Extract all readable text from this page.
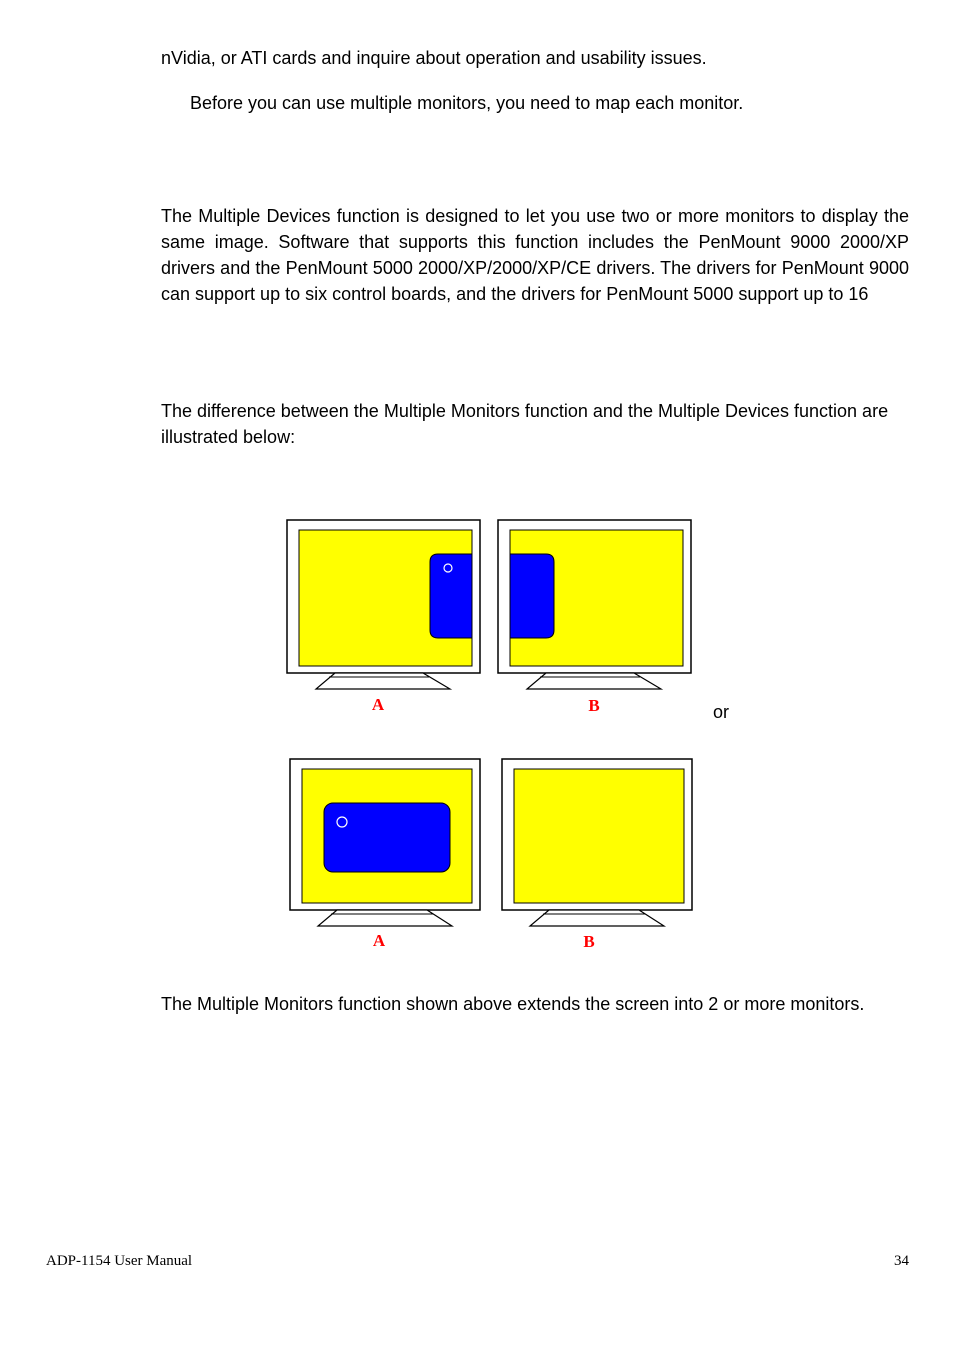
nVidia, or ATI cards and inquire about operation and usability issues.

Before you can use multiple monitors, you need to map each monitor.

The Multiple Devices function is designed to let you use two or more monitors to display the same image. Software that supports this function includes the PenMount 9000 2000/XP drivers and the PenMount 5000 2000/XP/2000/XP/CE drivers. The drivers for PenMount 9000 can support up to six control boards, and the drivers for PenMount 5000 support up to 16

The difference between the Multiple Monitors function and the Multiple Devices function are illustrated below:

A	B	or
A	B

The Multiple Monitors function shown above extends the screen into 2 or more monitors.

ADP-1154 User Manual	34
